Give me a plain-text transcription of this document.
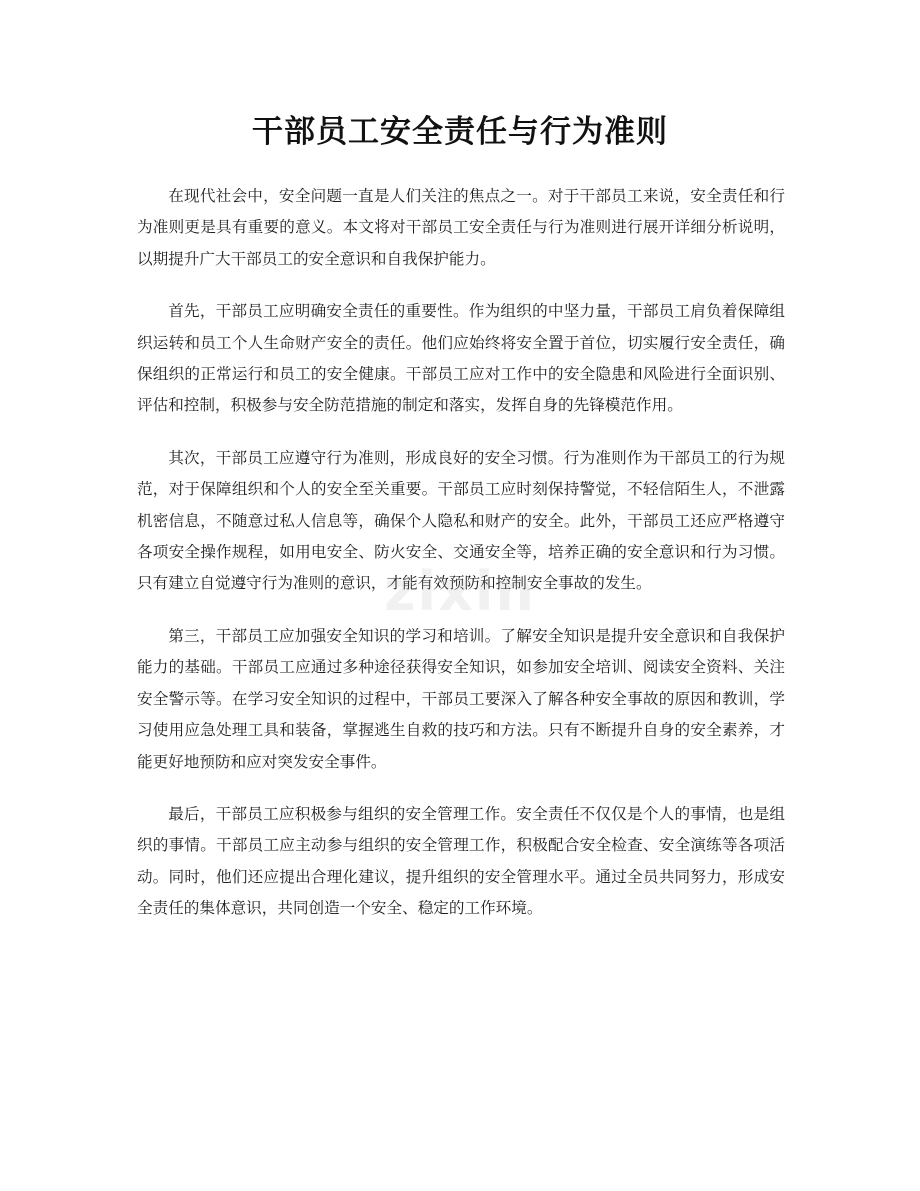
干部员工安全责任与行为准则

在现代社会中，安全问题一直是人们关注的焦点之一。对于干部员工来说，安全责任和行为准则更是具有重要的意义。本文将对干部员工安全责任与行为准则进行展开详细分析说明，以期提升广大干部员工的安全意识和自我保护能力。

首先，干部员工应明确安全责任的重要性。作为组织的中坚力量，干部员工肩负着保障组织运转和员工个人生命财产安全的责任。他们应始终将安全置于首位，切实履行安全责任，确保组织的正常运行和员工的安全健康。干部员工应对工作中的安全隐患和风险进行全面识别、评估和控制，积极参与安全防范措施的制定和落实，发挥自身的先锋模范作用。

其次，干部员工应遵守行为准则，形成良好的安全习惯。行为准则作为干部员工的行为规范，对于保障组织和个人的安全至关重要。干部员工应时刻保持警觉，不轻信陌生人，不泄露机密信息，不随意过私人信息等，确保个人隐私和财产的安全。此外，干部员工还应严格遵守各项安全操作规程，如用电安全、防火安全、交通安全等，培养正确的安全意识和行为习惯。只有建立自觉遵守行为准则的意识，才能有效预防和控制安全事故的发生。

第三，干部员工应加强安全知识的学习和培训。了解安全知识是提升安全意识和自我保护能力的基础。干部员工应通过多种途径获得安全知识，如参加安全培训、阅读安全资料、关注安全警示等。在学习安全知识的过程中，干部员工要深入了解各种安全事故的原因和教训，学习使用应急处理工具和装备，掌握逃生自救的技巧和方法。只有不断提升自身的安全素养，才能更好地预防和应对突发安全事件。

最后，干部员工应积极参与组织的安全管理工作。安全责任不仅仅是个人的事情，也是组织的事情。干部员工应主动参与组织的安全管理工作，积极配合安全检查、安全演练等各项活动。同时，他们还应提出合理化建议，提升组织的安全管理水平。通过全员共同努力，形成安全责任的集体意识，共同创造一个安全、稳定的工作环境。

zixin
